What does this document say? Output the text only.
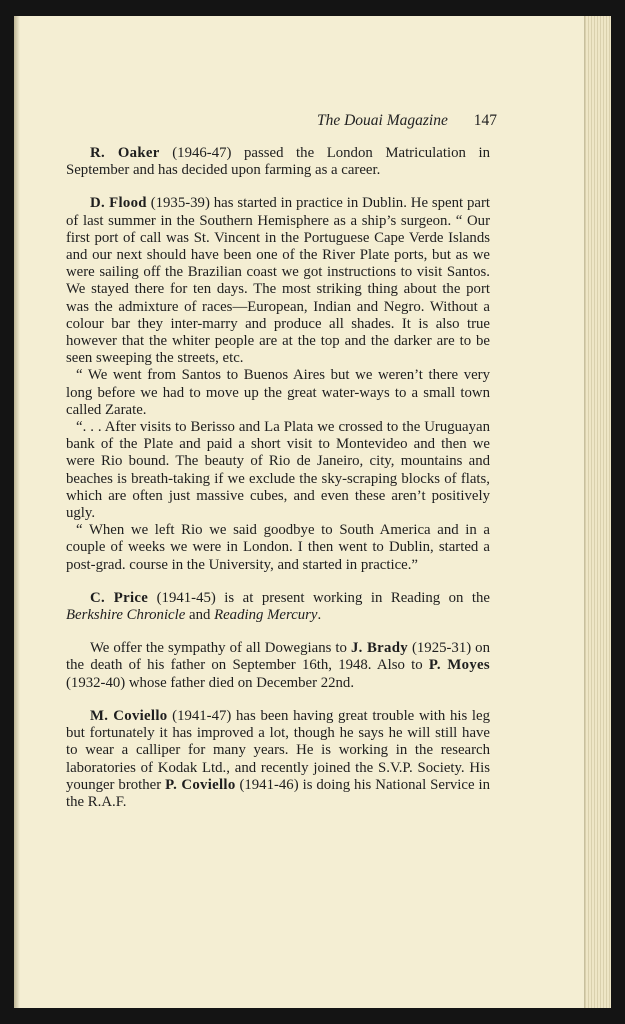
The Douai Magazine 147

R. Oaker (1946-47) passed the London Matriculation in September and has decided upon farming as a career.

D. Flood (1935-39) has started in practice in Dublin. He spent part of last summer in the Southern Hemisphere as a ship’s surgeon. “ Our first port of call was St. Vincent in the Portuguese Cape Verde Islands and our next should have been one of the River Plate ports, but as we were sailing off the Brazilian coast we got instructions to visit Santos. We stayed there for ten days. The most striking thing about the port was the admixture of races—European, Indian and Negro. Without a colour bar they inter-marry and produce all shades. It is also true however that the whiter people are at the top and the darker are to be seen sweeping the streets, etc.

“ We went from Santos to Buenos Aires but we weren’t there very long before we had to move up the great water-ways to a small town called Zarate.

“. . . After visits to Berisso and La Plata we crossed to the Uruguayan bank of the Plate and paid a short visit to Montevideo and then we were Rio bound. The beauty of Rio de Janeiro, city, mountains and beaches is breath-taking if we exclude the sky-scraping blocks of flats, which are often just massive cubes, and even these aren’t positively ugly.

“ When we left Rio we said goodbye to South America and in a couple of weeks we were in London. I then went to Dublin, started a post-grad. course in the University, and started in practice.”

C. Price (1941-45) is at present working in Reading on the Berkshire Chronicle and Reading Mercury.

We offer the sympathy of all Dowegians to J. Brady (1925-31) on the death of his father on September 16th, 1948. Also to P. Moyes (1932-40) whose father died on December 22nd.

M. Coviello (1941-47) has been having great trouble with his leg but fortunately it has improved a lot, though he says he will still have to wear a calliper for many years. He is working in the research laboratories of Kodak Ltd., and recently joined the S.V.P. Society. His younger brother P. Coviello (1941-46) is doing his National Service in the R.A.F.
